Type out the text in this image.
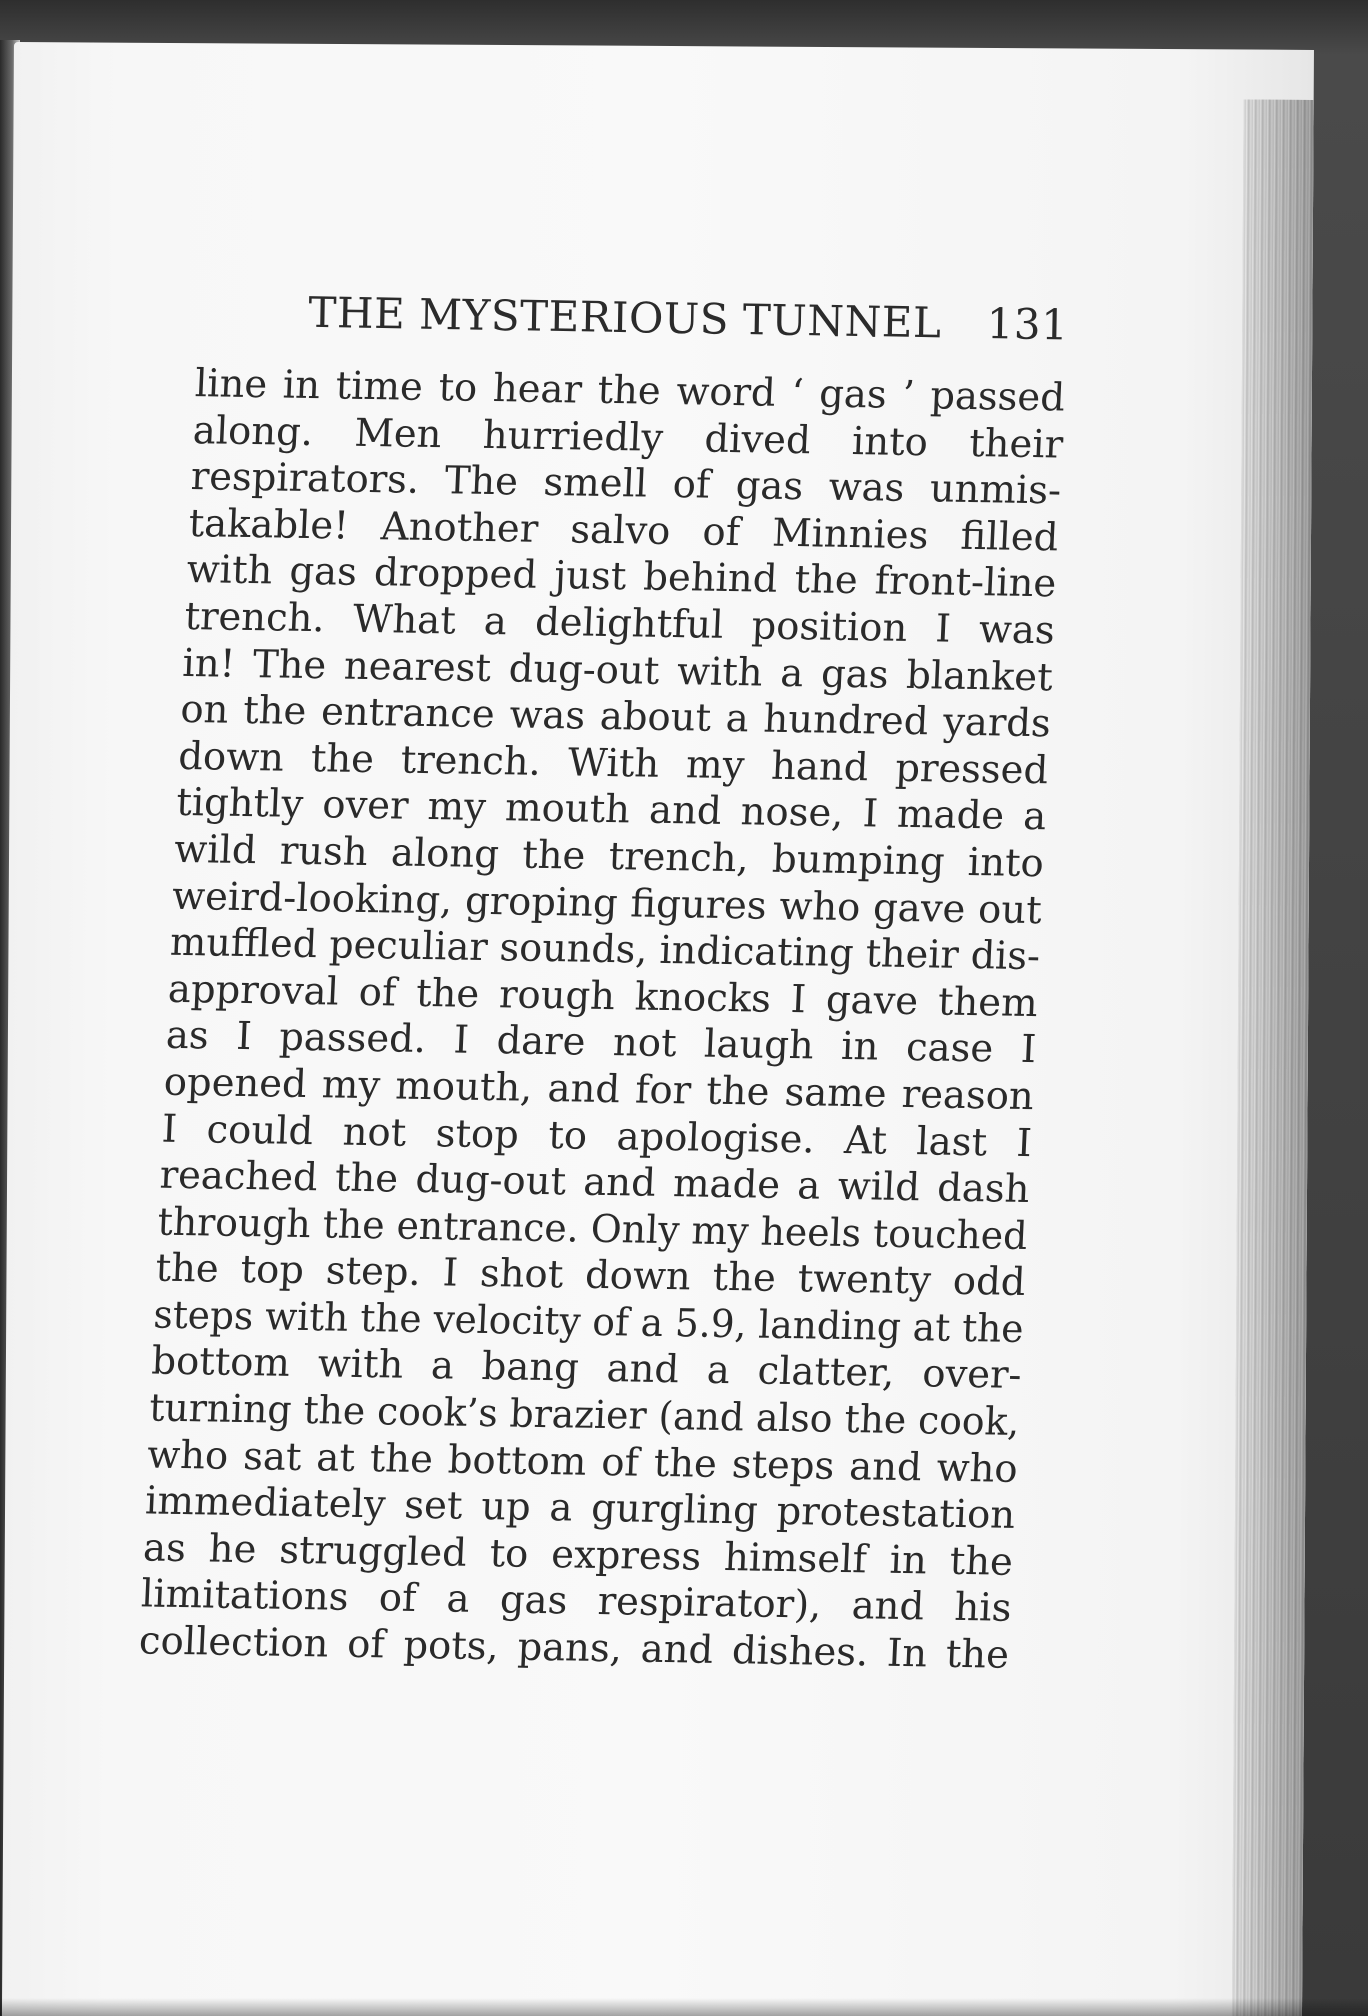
THE MYSTERIOUS TUNNEL 131
line in time to hear the word ‘ gas ’ passed
along. Men hurriedly dived into their
respirators. The smell of gas was unmis-
takable! Another salvo of Minnies filled
with gas dropped just behind the front-line
trench. What a delightful position I was
in! The nearest dug-out with a gas blanket
on the entrance was about a hundred yards
down the trench. With my hand pressed
tightly over my mouth and nose, I made a
wild rush along the trench, bumping into
weird-looking, groping figures who gave out
muffled peculiar sounds, indicating their dis-
approval of the rough knocks I gave them
as I passed. I dare not laugh in case I
opened my mouth, and for the same reason
I could not stop to apologise. At last I
reached the dug-out and made a wild dash
through the entrance. Only my heels touched
the top step. I shot down the twenty odd
steps with the velocity of a 5.9, landing at the
bottom with a bang and a clatter, over-
turning the cook’s brazier (and also the cook,
who sat at the bottom of the steps and who
immediately set up a gurgling protestation
as he struggled to express himself in the
limitations of a gas respirator), and his
collection of pots, pans, and dishes. In the
